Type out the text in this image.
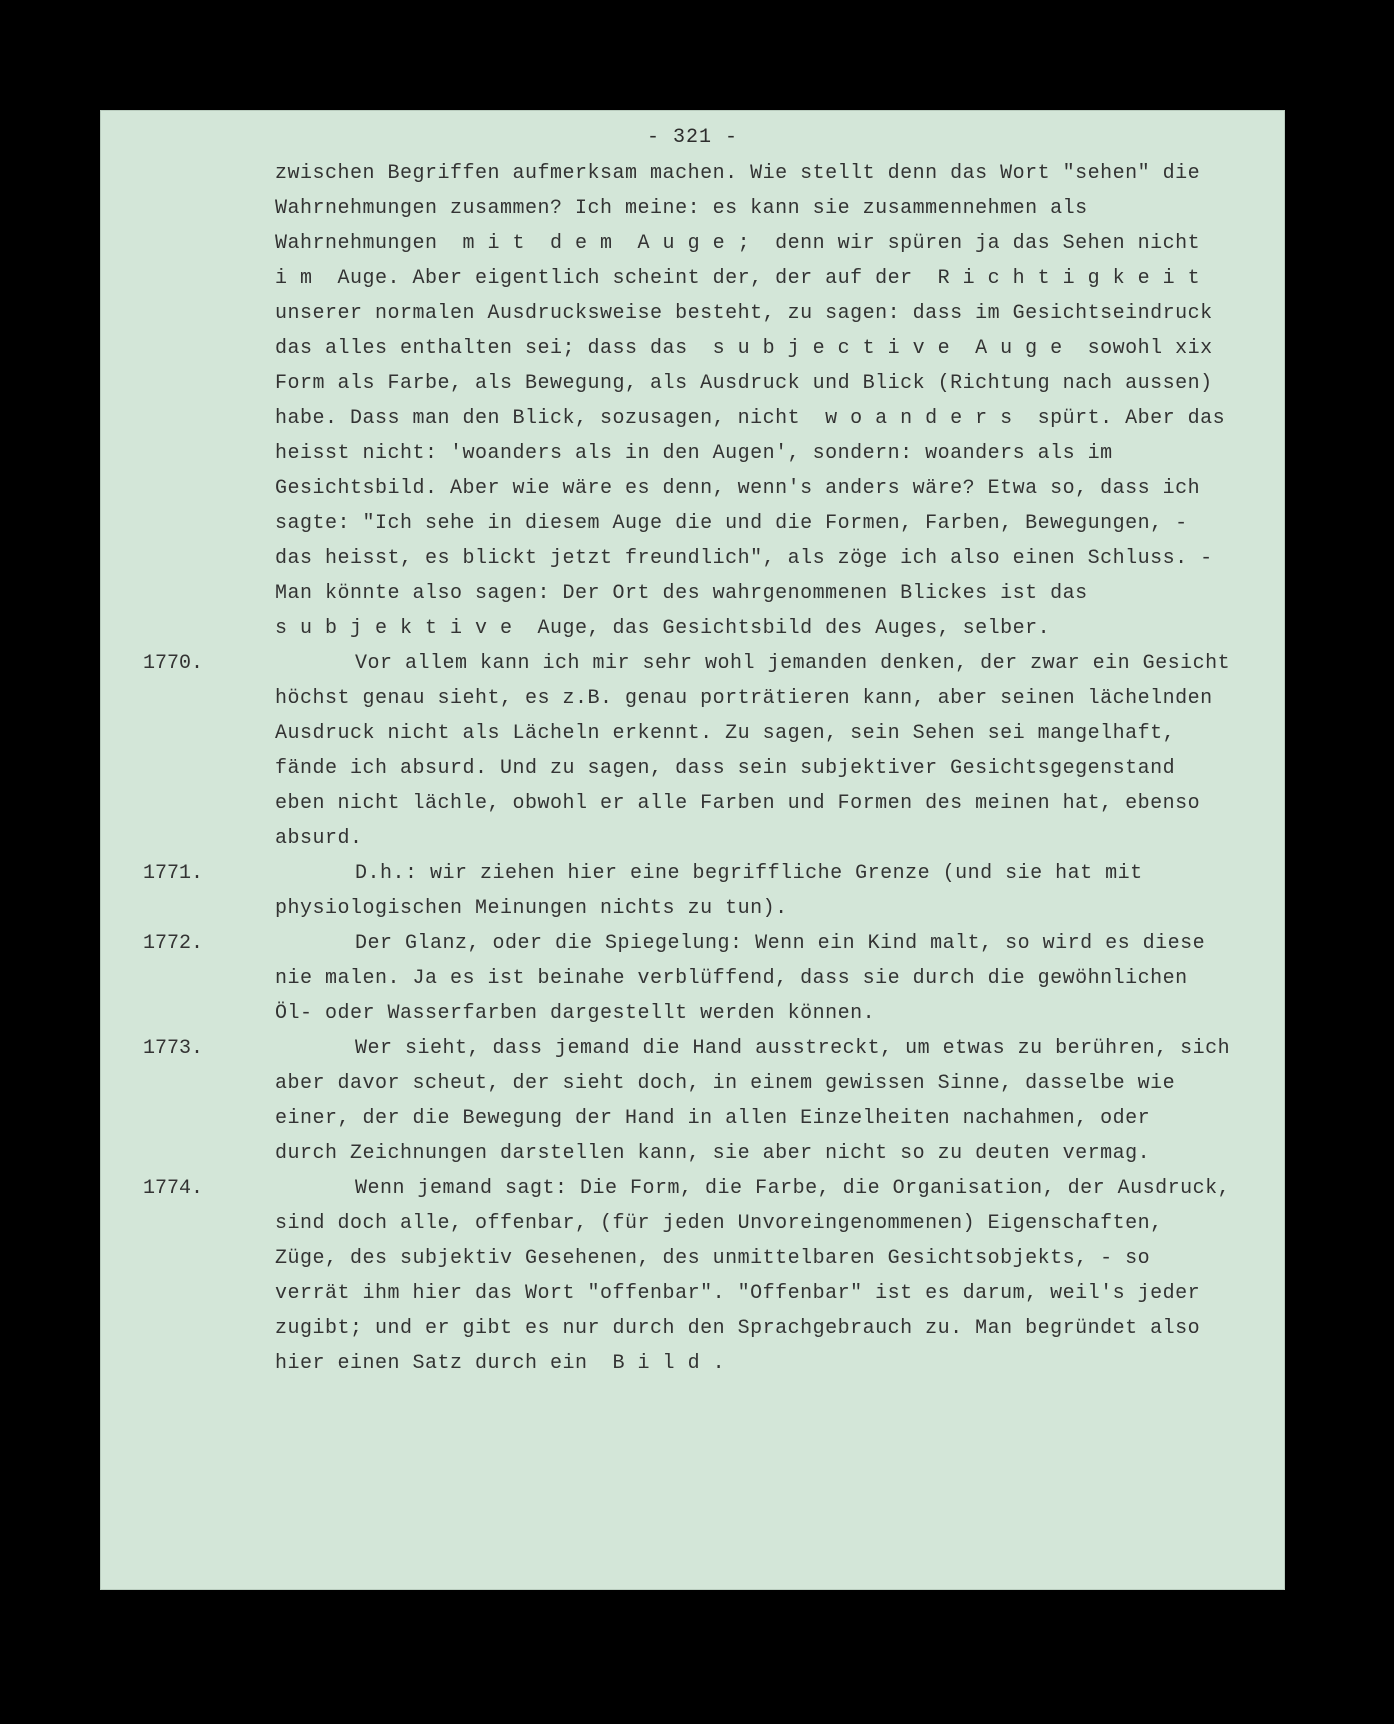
- 321 -
zwischen Begriffen aufmerksam machen. Wie stellt denn das Wort "sehen" die
Wahrnehmungen zusammen? Ich meine: es kann sie zusammennehmen als
Wahrnehmungen  m i t  d e m  A u g e ;  denn wir spüren ja das Sehen nicht
i m  Auge. Aber eigentlich scheint der, der auf der  R i c h t i g k e i t
unserer normalen Ausdrucksweise besteht, zu sagen: dass im Gesichtseindruck
das alles enthalten sei; dass das  s u b j e c t i v e  A u g e  sowohl xix
Form als Farbe, als Bewegung, als Ausdruck und Blick (Richtung nach aussen)
habe. Dass man den Blick, sozusagen, nicht  w o a n d e r s  spürt. Aber das
heisst nicht: 'woanders als in den Augen', sondern: woanders als im
Gesichtsbild. Aber wie wäre es denn, wenn's anders wäre? Etwa so, dass ich
sagte: "Ich sehe in diesem Auge die und die Formen, Farben, Bewegungen, -
das heisst, es blickt jetzt freundlich", als zöge ich also einen Schluss. -
Man könnte also sagen: Der Ort des wahrgenommenen Blickes ist das
s u b j e k t i v e  Auge, das Gesichtsbild des Auges, selber.
1770.	Vor allem kann ich mir sehr wohl jemanden denken, der zwar ein Gesicht
höchst genau sieht, es z.B. genau porträtieren kann, aber seinen lächelnden
Ausdruck nicht als Lächeln erkennt. Zu sagen, sein Sehen sei mangelhaft,
fände ich absurd. Und zu sagen, dass sein subjektiver Gesichtsgegenstand
eben nicht lächle, obwohl er alle Farben und Formen des meinen hat, ebenso
absurd.
1771.	D.h.: wir ziehen hier eine begriffliche Grenze (und sie hat mit
physiologischen Meinungen nichts zu tun).
1772.	Der Glanz, oder die Spiegelung: Wenn ein Kind malt, so wird es diese
nie malen. Ja es ist beinahe verblüffend, dass sie durch die gewöhnlichen
Öl- oder Wasserfarben dargestellt werden können.
1773.	Wer sieht, dass jemand die Hand ausstreckt, um etwas zu berühren, sich
aber davor scheut, der sieht doch, in einem gewissen Sinne, dasselbe wie
einer, der die Bewegung der Hand in allen Einzelheiten nachahmen, oder
durch Zeichnungen darstellen kann, sie aber nicht so zu deuten vermag.
1774.	Wenn jemand sagt: Die Form, die Farbe, die Organisation, der Ausdruck,
sind doch alle, offenbar, (für jeden Unvoreingenommenen) Eigenschaften,
Züge, des subjektiv Gesehenen, des unmittelbaren Gesichtsobjekts, - so
verrät ihm hier das Wort "offenbar". "Offenbar" ist es darum, weil's jeder
zugibt; und er gibt es nur durch den Sprachgebrauch zu. Man begründet also
hier einen Satz durch ein  B i l d .
